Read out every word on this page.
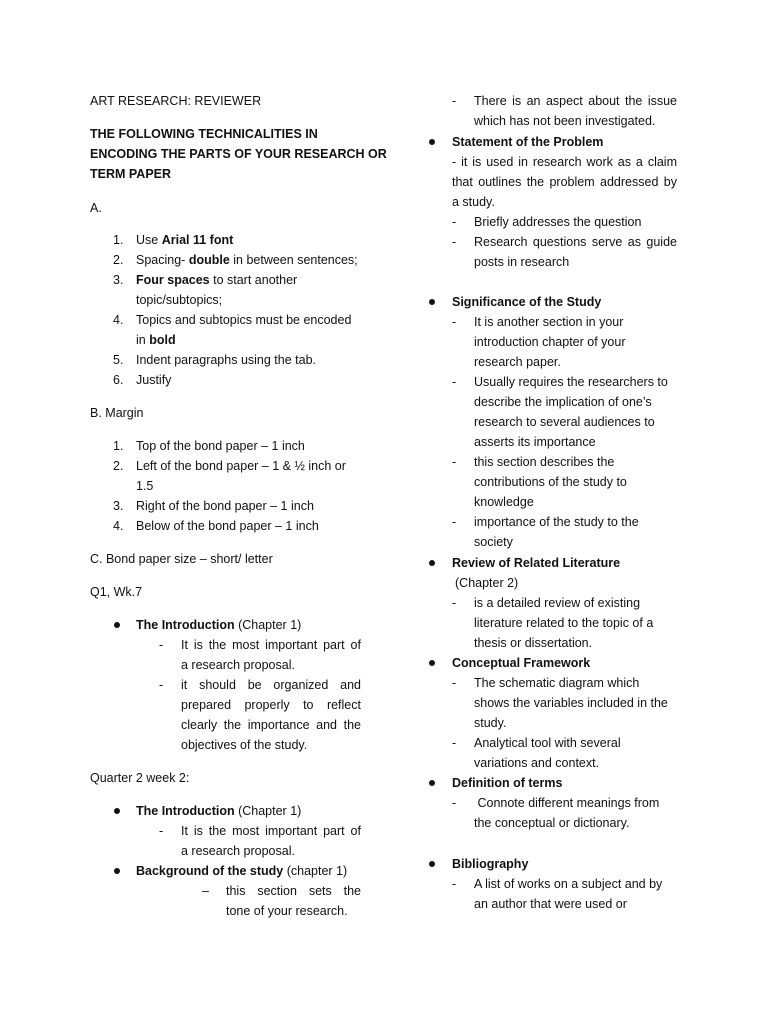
ART RESEARCH: REVIEWER
THE FOLLOWING TECHNICALITIES IN
ENCODING THE PARTS OF YOUR RESEARCH OR
TERM PAPER
A.
1. Use Arial 11 font
2. Spacing- double in between sentences;
3. Four spaces to start another
topic/subtopics;
4. Topics and subtopics must be encoded
in bold
5. Indent paragraphs using the tab.
6. Justify
B. Margin
1. Top of the bond paper – 1 inch
2. Left of the bond paper – 1 & ½ inch or
1.5
3. Right of the bond paper – 1 inch
4. Below of the bond paper – 1 inch
C. Bond paper size – short/ letter
Q1, Wk.7
The Introduction (Chapter 1)
- It is the most important part of
a research proposal.
- it should be organized and
prepared properly to reflect
clearly the importance and the
objectives of the study.
Quarter 2 week 2:
The Introduction (Chapter 1)
- It is the most important part of
a research proposal.
Background of the study (chapter 1)
– this section sets the
tone of your research.
- There is an aspect about the issue
which has not been investigated.
Statement of the Problem
- it is used in research work as a claim
that outlines the problem addressed by
a study.
- Briefly addresses the question
- Research questions serve as guide
posts in research
Significance of the Study
- It is another section in your
introduction chapter of your
research paper.
- Usually requires the researchers to
describe the implication of one’s
research to several audiences to
asserts its importance
- this section describes the
contributions of the study to
knowledge
- importance of the study to the
society
Review of Related Literature
(Chapter 2)
- is a detailed review of existing
literature related to the topic of a
thesis or dissertation.
Conceptual Framework
- The schematic diagram which
shows the variables included in the
study.
- Analytical tool with several
variations and context.
Definition of terms
- Connote different meanings from
the conceptual or dictionary.
Bibliography
- A list of works on a subject and by
an author that were used or
